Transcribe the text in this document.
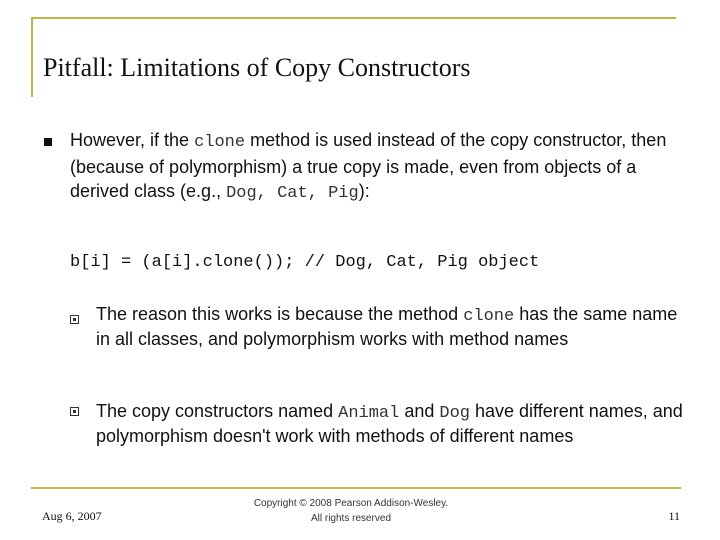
Pitfall: Limitations of Copy Constructors
However, if the clone method is used instead of the copy constructor, then (because of polymorphism) a true copy is made, even from objects of a derived class (e.g., Dog, Cat, Pig):
b[i] = (a[i].clone()); // Dog, Cat, Pig object
The reason this works is because the method clone has the same name in all classes, and polymorphism works with method names
The copy constructors named Animal and Dog have different names, and polymorphism doesn't work with methods of different names
Aug 6, 2007
Copyright © 2008 Pearson Addison-Wesley.
All rights reserved	11
